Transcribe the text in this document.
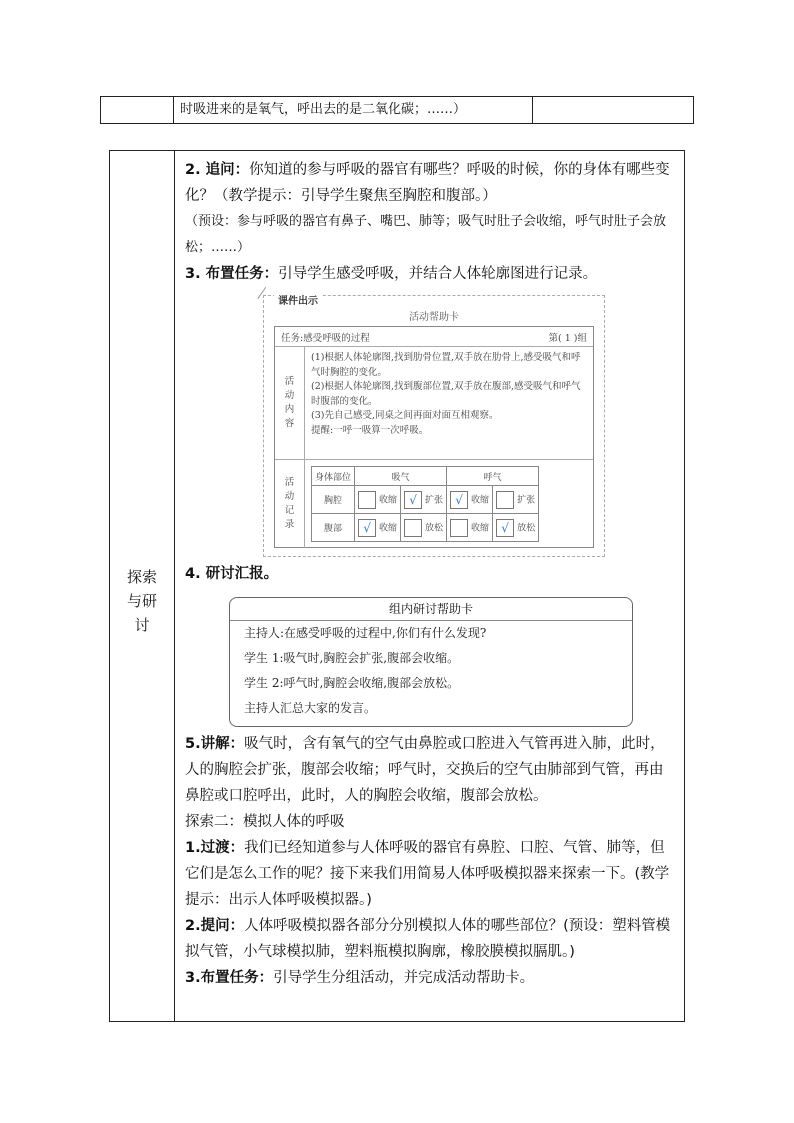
时吸进来的是氧气，呼出去的是二氧化碳；……）
探索与研讨

2. 追问：你知道的参与呼吸的器官有哪些？呼吸的时候，你的身体有哪些变化？（教学提示：引导学生聚焦至胸腔和腹部。）

（预设：参与呼吸的器官有鼻子、嘴巴、肺等；吸气时肚子会收缩，呼气时肚子会放松；……）

3. 布置任务：引导学生感受呼吸，并结合人体轮廓图进行记录。

课件出示
活动帮助卡
任务:感受呼吸的过程	第( 1 )组
活动内容
(1)根据人体轮廓图,找到肋骨位置,双手放在肋骨上,感受吸气和呼气时胸腔的变化。
(2)根据人体轮廓图,找到腹部位置,双手放在腹部,感受吸气和呼气时腹部的变化。
(3)先自己感受,同桌之间再面对面互相观察。
提醒:一呼一吸算一次呼吸。
活动记录
身体部位	吸气		呼气	
胸腔	收缩	√ 扩张	√ 收缩	扩张
腹部	√ 收缩	放松	收缩	√ 放松

4. 研讨汇报。

组内研讨帮助卡
主持人:在感受呼吸的过程中,你们有什么发现?
学生 1:吸气时,胸腔会扩张,腹部会收缩。
学生 2:呼气时,胸腔会收缩,腹部会放松。
主持人汇总大家的发言。

5.讲解：吸气时，含有氧气的空气由鼻腔或口腔进入气管再进入肺，此时，人的胸腔会扩张，腹部会收缩；呼气时，交换后的空气由肺部到气管，再由鼻腔或口腔呼出，此时，人的胸腔会收缩，腹部会放松。

探索二：模拟人体的呼吸

1.过渡：我们已经知道参与人体呼吸的器官有鼻腔、口腔、气管、肺等，但它们是怎么工作的呢？接下来我们用简易人体呼吸模拟器来探索一下。(教学提示：出示人体呼吸模拟器。)

2.提问：人体呼吸模拟器各部分分别模拟人体的哪些部位？(预设：塑料管模拟气管，小气球模拟肺，塑料瓶模拟胸廓，橡胶膜模拟膈肌。)

3.布置任务：引导学生分组活动，并完成活动帮助卡。
